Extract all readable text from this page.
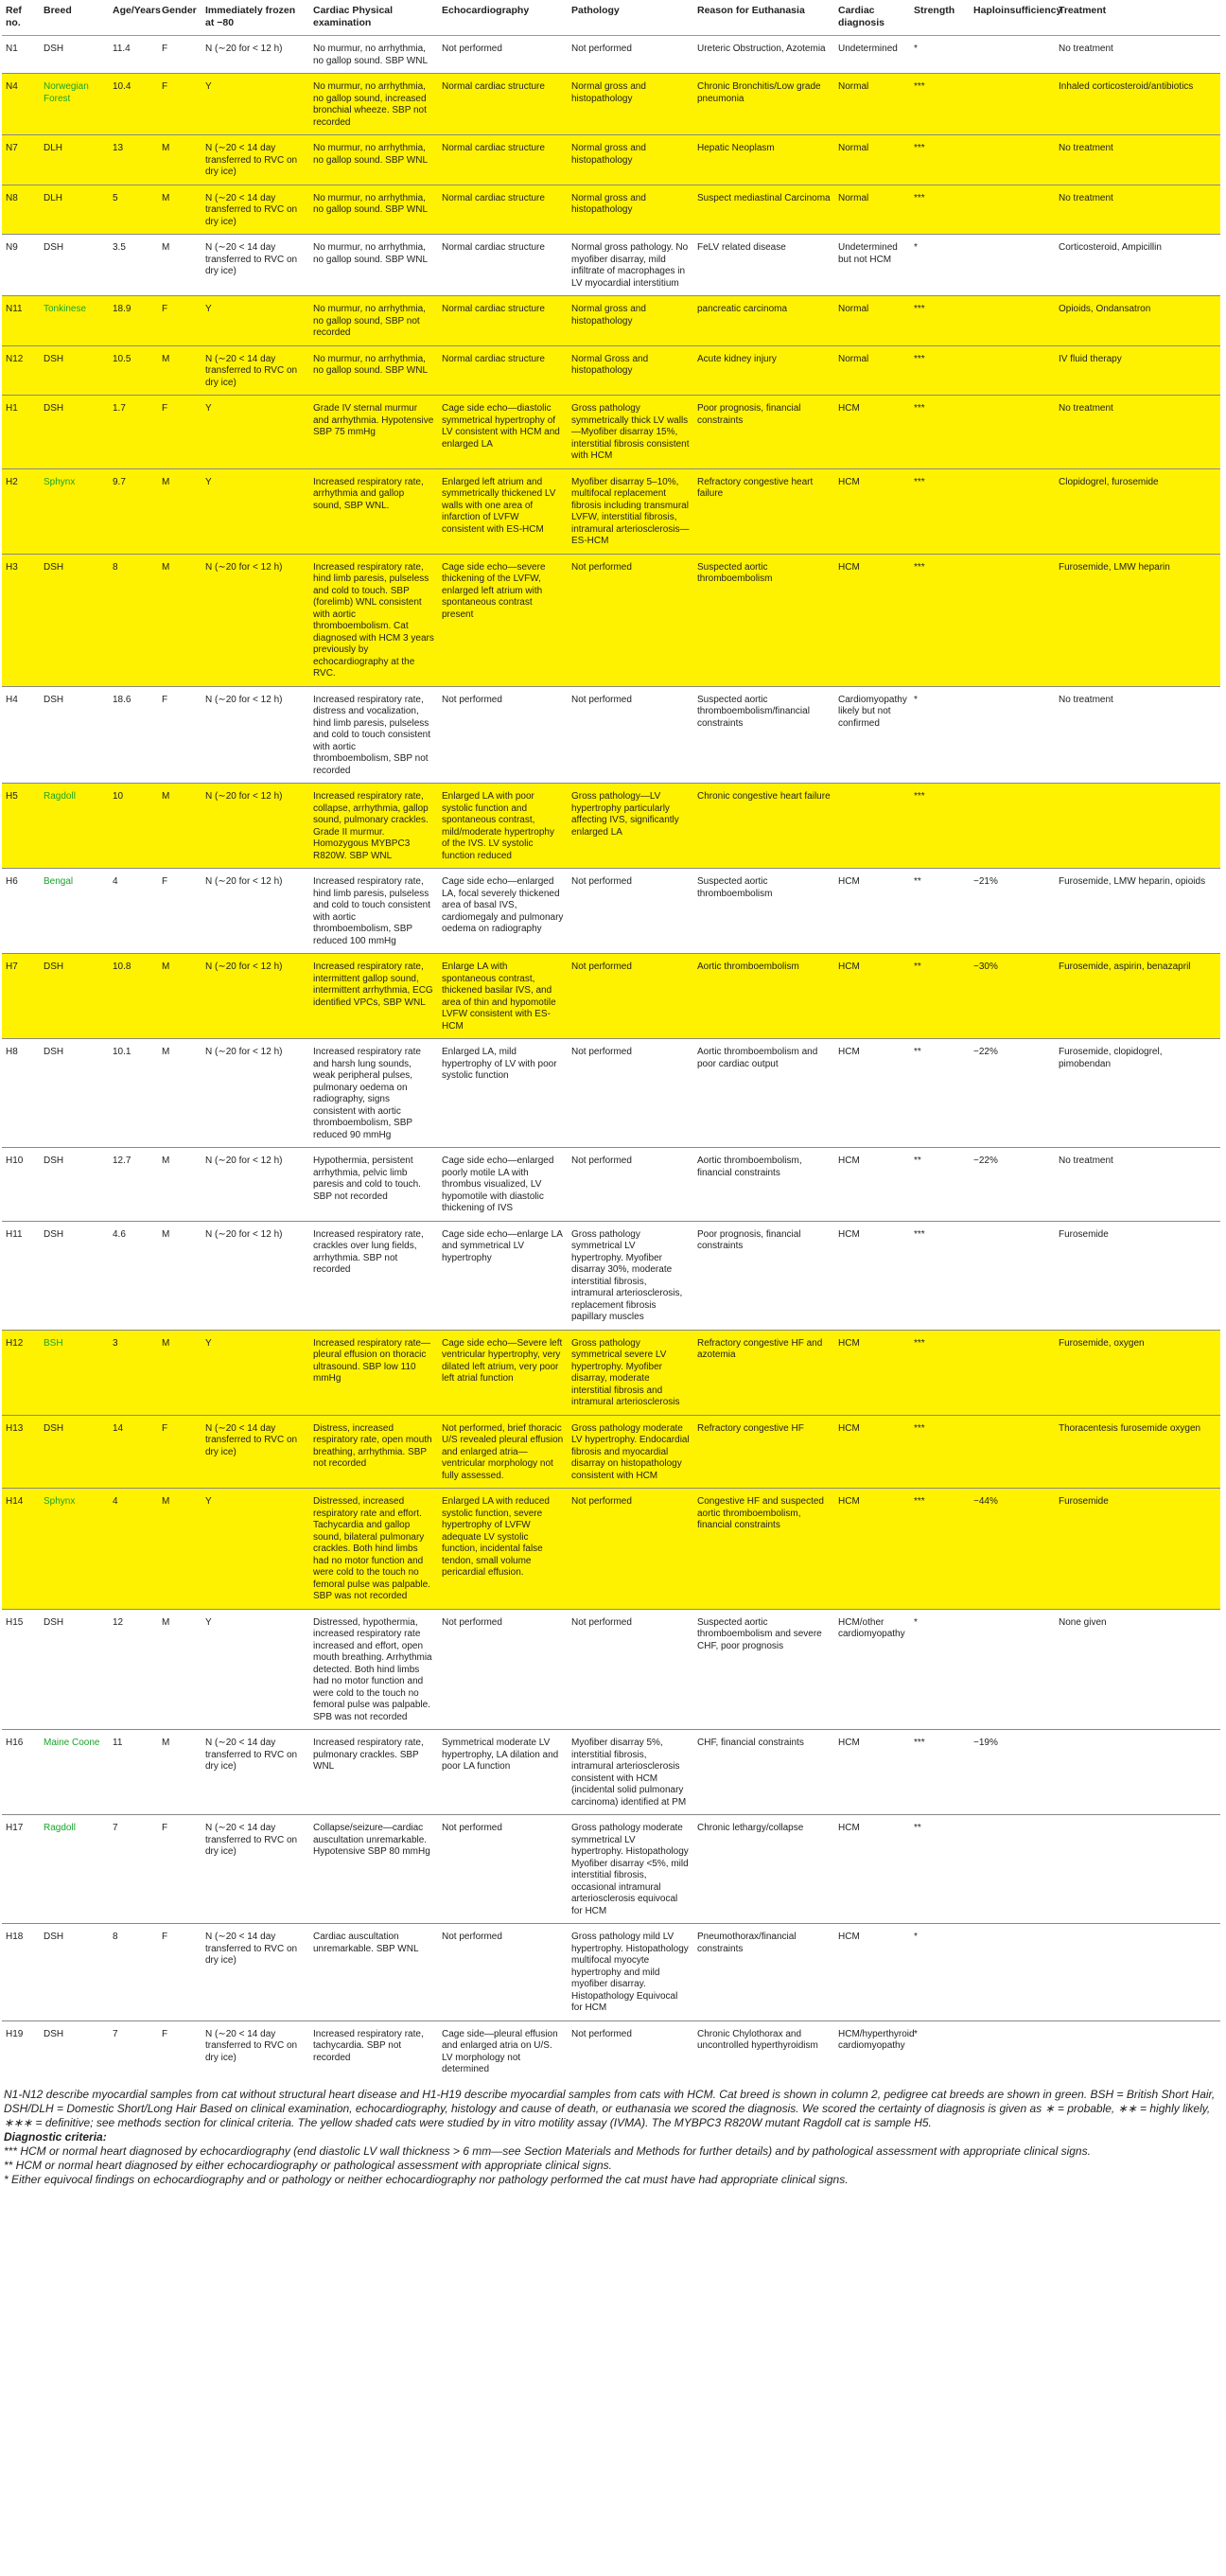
Ref no.	Breed	Age/Years	Gender	Immediately frozen at −80	Cardiac Physical examination	Echocardiography	Pathology	Reason for Euthanasia	Cardiac diagnosis	Strength	Haploinsufficiency	Treatment
N1	DSH	11.4	F	N (∼20 for < 12 h)	No murmur, no arrhythmia, no gallop sound. SBP WNL	Not performed	Not performed	Ureteric Obstruction, Azotemia	Undetermined	*		No treatment
N4	Norwegian Forest	10.4	F	Y	No murmur, no arrhythmia, no gallop sound, increased bronchial wheeze. SBP not recorded	Normal cardiac structure	Normal gross and histopathology	Chronic Bronchitis/Low grade pneumonia	Normal	***		Inhaled corticosteroid/antibiotics
N7	DLH	13	M	N (∼20 < 14 day transferred to RVC on dry ice)	No murmur, no arrhythmia, no gallop sound. SBP WNL	Normal cardiac structure	Normal gross and histopathology	Hepatic Neoplasm	Normal	***		No treatment
N8	DLH	5	M	N (∼20 < 14 day transferred to RVC on dry ice)	No murmur, no arrhythmia, no gallop sound. SBP WNL	Normal cardiac structure	Normal gross and histopathology	Suspect mediastinal Carcinoma	Normal	***		No treatment
N9	DSH	3.5	M	N (∼20 < 14 day transferred to RVC on dry ice)	No murmur, no arrhythmia, no gallop sound. SBP WNL	Normal cardiac structure	Normal gross pathology. No myofiber disarray, mild infiltrate of macrophages in LV myocardial interstitium	FeLV related disease	Undetermined but not HCM	*		Corticosteroid, Ampicillin
N11	Tonkinese	18.9	F	Y	No murmur, no arrhythmia, no gallop sound, SBP not recorded	Normal cardiac structure	Normal gross and histopathology	pancreatic carcinoma	Normal	***		Opioids, Ondansatron
N12	DSH	10.5	M	N (∼20 < 14 day transferred to RVC on dry ice)	No murmur, no arrhythmia, no gallop sound. SBP WNL	Normal cardiac structure	Normal Gross and histopathology	Acute kidney injury	Normal	***		IV fluid therapy
H1	DSH	1.7	F	Y	Grade IV sternal murmur and arrhythmia. Hypotensive SBP 75 mmHg	Cage side echo—diastolic symmetrical hypertrophy of LV consistent with HCM and enlarged LA	Gross pathology symmetrically thick LV walls—Myofiber disarray 15%, interstitial fibrosis consistent with HCM	Poor prognosis, financial constraints	HCM	***		No treatment
H2	Sphynx	9.7	M	Y	Increased respiratory rate, arrhythmia and gallop sound, SBP WNL.	Enlarged left atrium and symmetrically thickened LV walls with one area of infarction of LVFW consistent with ES-HCM	Myofiber disarray 5–10%, multifocal replacement fibrosis including transmural LVFW, interstitial fibrosis, intramural arteriosclerosis—ES-HCM	Refractory congestive heart failure	HCM	***		Clopidogrel, furosemide
H3	DSH	8	M	N (∼20 for < 12 h)	Increased respiratory rate, hind limb paresis, pulseless and cold to touch. SBP (forelimb) WNL consistent with aortic thromboembolism. Cat diagnosed with HCM 3 years previously by echocardiography at the RVC.	Cage side echo—severe thickening of the LVFW, enlarged left atrium with spontaneous contrast present	Not performed	Suspected aortic thromboembolism	HCM	***		Furosemide, LMW heparin
H4	DSH	18.6	F	N (∼20 for < 12 h)	Increased respiratory rate, distress and vocalization, hind limb paresis, pulseless and cold to touch consistent with aortic thromboembolism, SBP not recorded	Not performed	Not performed	Suspected aortic thromboembolism/financial constraints	Cardiomyopathy likely but not confirmed	*		No treatment
H5	Ragdoll	10	M	N (∼20 for < 12 h)	Increased respiratory rate, collapse, arrhythmia, gallop sound, pulmonary crackles. Grade II murmur. Homozygous MYBPC3 R820W. SBP WNL	Enlarged LA with poor systolic function and spontaneous contrast, mild/moderate hypertrophy of the IVS. LV systolic function reduced	Gross pathology—LV hypertrophy particularly affecting IVS, significantly enlarged LA	Chronic congestive heart failure		***		
H6	Bengal	4	F	N (∼20 for < 12 h)	Increased respiratory rate, hind limb paresis, pulseless and cold to touch consistent with aortic thromboembolism, SBP reduced 100 mmHg	Cage side echo—enlarged LA, focal severely thickened area of basal IVS, cardiomegaly and pulmonary oedema on radiography	Not performed	Suspected aortic thromboembolism	HCM	**	−21%	Furosemide, LMW heparin, opioids
H7	DSH	10.8	M	N (∼20 for < 12 h)	Increased respiratory rate, intermittent gallop sound, intermittent arrhythmia, ECG identified VPCs, SBP WNL	Enlarge LA with spontaneous contrast, thickened basilar IVS, and area of thin and hypomotile LVFW consistent with ES-HCM	Not performed	Aortic thromboembolism	HCM	**	−30%	Furosemide, aspirin, benazapril
H8	DSH	10.1	M	N (∼20 for < 12 h)	Increased respiratory rate and harsh lung sounds, weak peripheral pulses, pulmonary oedema on radiography, signs consistent with aortic thromboembolism, SBP reduced 90 mmHg	Enlarged LA, mild hypertrophy of LV with poor systolic function	Not performed	Aortic thromboembolism and poor cardiac output	HCM	**	−22%	Furosemide, clopidogrel, pimobendan
H10	DSH	12.7	M	N (∼20 for < 12 h)	Hypothermia, persistent arrhythmia, pelvic limb paresis and cold to touch. SBP not recorded	Cage side echo—enlarged poorly motile LA with thrombus visualized, LV hypomotile with diastolic thickening of IVS	Not performed	Aortic thromboembolism, financial constraints	HCM	**	−22%	No treatment
H11	DSH	4.6	M	N (∼20 for < 12 h)	Increased respiratory rate, crackles over lung fields, arrhythmia. SBP not recorded	Cage side echo—enlarge LA and symmetrical LV hypertrophy	Gross pathology symmetrical LV hypertrophy. Myofiber disarray 30%, moderate interstitial fibrosis, intramural arteriosclerosis, replacement fibrosis papillary muscles	Poor prognosis, financial constraints	HCM	***		Furosemide
H12	BSH	3	M	Y	Increased respiratory rate—pleural effusion on thoracic ultrasound. SBP low 110 mmHg	Cage side echo—Severe left ventricular hypertrophy, very dilated left atrium, very poor left atrial function	Gross pathology symmetrical severe LV hypertrophy. Myofiber disarray, moderate interstitial fibrosis and intramural arteriosclerosis	Refractory congestive HF and azotemia	HCM	***		Furosemide, oxygen
H13	DSH	14	F	N (∼20 < 14 day transferred to RVC on dry ice)	Distress, increased respiratory rate, open mouth breathing, arrhythmia. SBP not recorded	Not performed, brief thoracic U/S revealed pleural effusion and enlarged atria—ventricular morphology not fully assessed.	Gross pathology moderate LV hypertrophy. Endocardial fibrosis and myocardial disarray on histopathology consistent with HCM	Refractory congestive HF	HCM	***		Thoracentesis furosemide oxygen
H14	Sphynx	4	M	Y	Distressed, increased respiratory rate and effort. Tachycardia and gallop sound, bilateral pulmonary crackles. Both hind limbs had no motor function and were cold to the touch no femoral pulse was palpable. SBP was not recorded	Enlarged LA with reduced systolic function, severe hypertrophy of LVFW adequate LV systolic function, incidental false tendon, small volume pericardial effusion.	Not performed	Congestive HF and suspected aortic thromboembolism, financial constraints	HCM	***	−44%	Furosemide
H15	DSH	12	M	Y	Distressed, hypothermia, increased respiratory rate increased and effort, open mouth breathing. Arrhythmia detected. Both hind limbs had no motor function and were cold to the touch no femoral pulse was palpable. SPB was not recorded	Not performed	Not performed	Suspected aortic thromboembolism and severe CHF, poor prognosis	HCM/other cardiomyopathy	*		None given
H16	Maine Coone	11	M	N (∼20 < 14 day transferred to RVC on dry ice)	Increased respiratory rate, pulmonary crackles. SBP WNL	Symmetrical moderate LV hypertrophy, LA dilation and poor LA function	Myofiber disarray 5%, interstitial fibrosis, intramural arteriosclerosis consistent with HCM (incidental solid pulmonary carcinoma) identified at PM	CHF, financial constraints	HCM	***	−19%	
H17	Ragdoll	7	F	N (∼20 < 14 day transferred to RVC on dry ice)	Collapse/seizure—cardiac auscultation unremarkable. Hypotensive SBP 80 mmHg	Not performed	Gross pathology moderate symmetrical LV hypertrophy. Histopathology Myofiber disarray <5%, mild interstitial fibrosis, occasional intramural arteriosclerosis equivocal for HCM	Chronic lethargy/collapse	HCM	**		
H18	DSH	8	F	N (∼20 < 14 day transferred to RVC on dry ice)	Cardiac auscultation unremarkable. SBP WNL	Not performed	Gross pathology mild LV hypertrophy. Histopathology multifocal myocyte hypertrophy and mild myofiber disarray. Histopathology Equivocal for HCM	Pneumothorax/financial constraints	HCM	*		
H19	DSH	7	F	N (∼20 < 14 day transferred to RVC on dry ice)	Increased respiratory rate, tachycardia. SBP not recorded	Cage side—pleural effusion and enlarged atria on U/S. LV morphology not determined	Not performed	Chronic Chylothorax and uncontrolled hyperthyroidism	HCM/hyperthyroid cardiomyopathy	*		

N1-N12 describe myocardial samples from cat without structural heart disease and H1-H19 describe myocardial samples from cats with HCM. Cat breed is shown in column 2, pedigree cat breeds are shown in green. BSH = British Short Hair, DSH/DLH = Domestic Short/Long Hair Based on clinical examination, echocardiography, histology and cause of death, or euthanasia we scored the diagnosis. We scored the certainty of diagnosis is given as ∗ = probable, ∗∗ = highly likely, ∗∗∗ = definitive; see methods section for clinical criteria. The yellow shaded cats were studied by in vitro motility assay (IVMA). The MYBPC3 R820W mutant Ragdoll cat is sample H5.

Diagnostic criteria:

*** HCM or normal heart diagnosed by echocardiography (end diastolic LV wall thickness > 6 mm—see Section Materials and Methods for further details) and by pathological assessment with appropriate clinical signs.

** HCM or normal heart diagnosed by either echocardiography or pathological assessment with appropriate clinical signs.

* Either equivocal findings on echocardiography and or pathology or neither echocardiography nor pathology performed the cat must have had appropriate clinical signs.
